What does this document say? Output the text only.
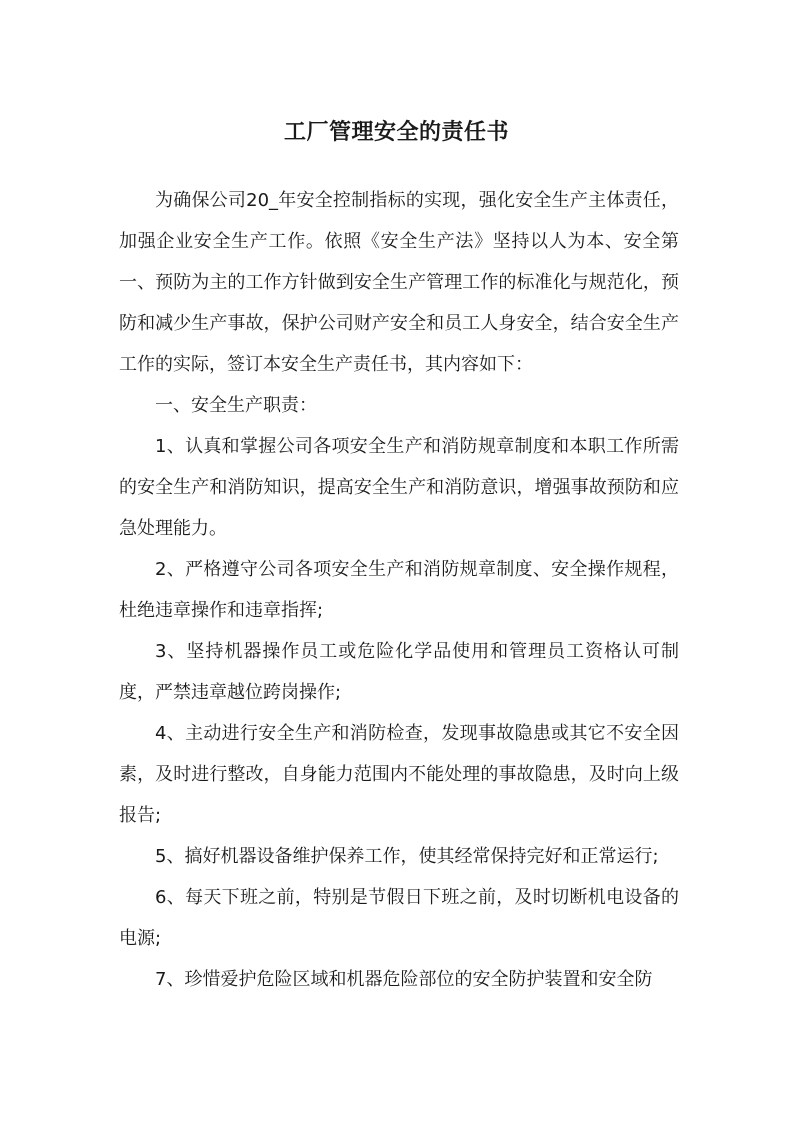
工厂管理安全的责任书

为确保公司20_年安全控制指标的实现，强化安全生产主体责任，加强企业安全生产工作。依照《安全生产法》坚持以人为本、安全第一、预防为主的工作方针做到安全生产管理工作的标准化与规范化，预防和减少生产事故，保护公司财产安全和员工人身安全，结合安全生产工作的实际，签订本安全生产责任书，其内容如下：

一、安全生产职责：

1、认真和掌握公司各项安全生产和消防规章制度和本职工作所需的安全生产和消防知识，提高安全生产和消防意识，增强事故预防和应急处理能力。

2、严格遵守公司各项安全生产和消防规章制度、安全操作规程，杜绝违章操作和违章指挥;

3、坚持机器操作员工或危险化学品使用和管理员工资格认可制度，严禁违章越位跨岗操作;

4、主动进行安全生产和消防检查，发现事故隐患或其它不安全因素，及时进行整改，自身能力范围内不能处理的事故隐患，及时向上级报告;

5、搞好机器设备维护保养工作，使其经常保持完好和正常运行;

6、每天下班之前，特别是节假日下班之前，及时切断机电设备的电源;

7、珍惜爱护危险区域和机器危险部位的安全防护装置和安全防
